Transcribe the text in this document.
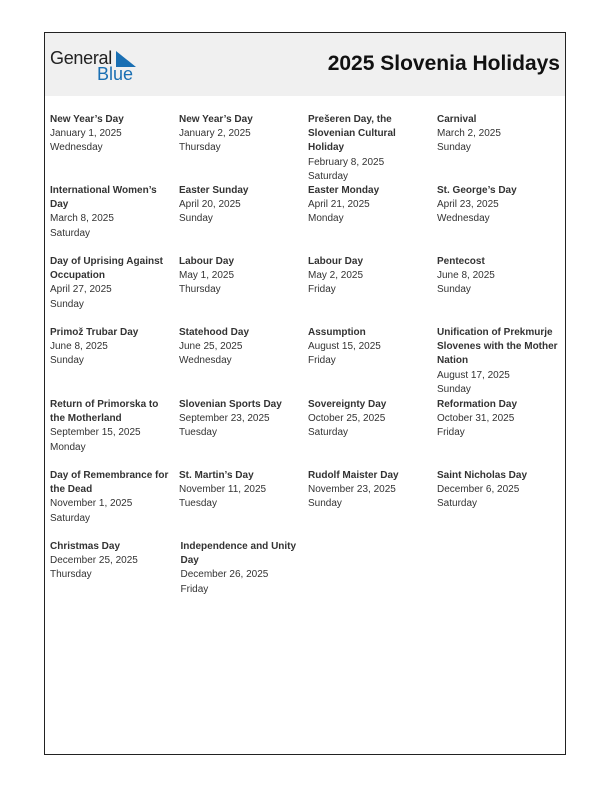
General
Blue	2025 Slovenia Holidays
New Year’s Day
January 1, 2025
Wednesday
New Year’s Day
January 2, 2025
Thursday
Prešeren Day, the Slovenian Cultural Holiday
February 8, 2025
Saturday
Carnival
March 2, 2025
Sunday
International Women’s Day
March 8, 2025
Saturday
Easter Sunday
April 20, 2025
Sunday
Easter Monday
April 21, 2025
Monday
St. George’s Day
April 23, 2025
Wednesday
Day of Uprising Against Occupation
April 27, 2025
Sunday
Labour Day
May 1, 2025
Thursday
Labour Day
May 2, 2025
Friday
Pentecost
June 8, 2025
Sunday
Primož Trubar Day
June 8, 2025
Sunday
Statehood Day
June 25, 2025
Wednesday
Assumption
August 15, 2025
Friday
Unification of Prekmurje Slovenes with the Mother Nation
August 17, 2025
Sunday
Return of Primorska to the Motherland
September 15, 2025
Monday
Slovenian Sports Day
September 23, 2025
Tuesday
Sovereignty Day
October 25, 2025
Saturday
Reformation Day
October 31, 2025
Friday
Day of Remembrance for the Dead
November 1, 2025
Saturday
St. Martin’s Day
November 11, 2025
Tuesday
Rudolf Maister Day
November 23, 2025
Sunday
Saint Nicholas Day
December 6, 2025
Saturday
Christmas Day
December 25, 2025
Thursday
Independence and Unity Day
December 26, 2025
Friday
